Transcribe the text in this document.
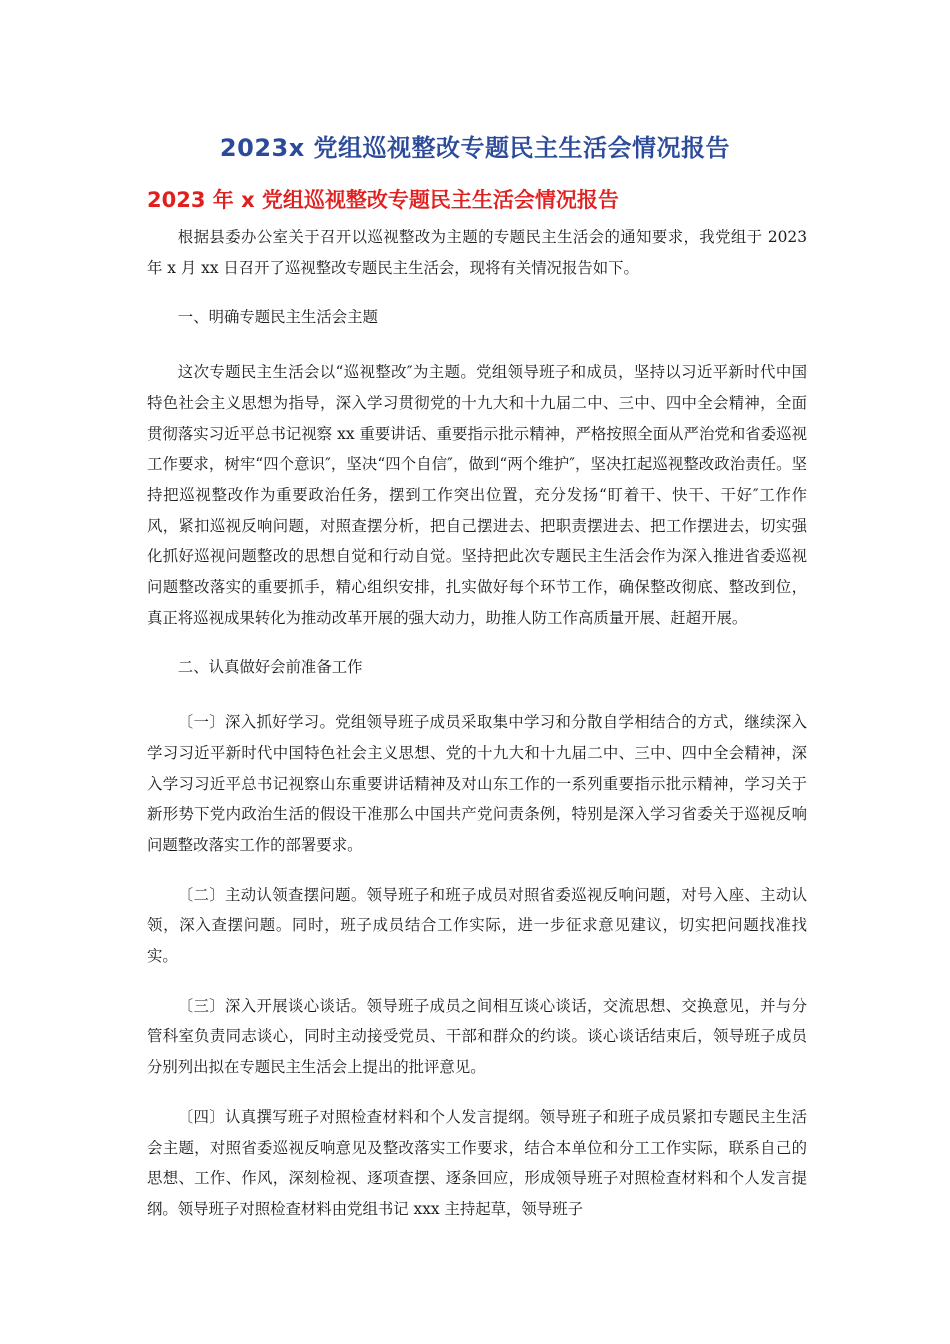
2023x 党组巡视整改专题民主生活会情况报告
2023 年 x 党组巡视整改专题民主生活会情况报告

根据县委办公室关于召开以巡视整改为主题的专题民主生活会的通知要求，我党组于 2023 年 x 月 xx 日召开了巡视整改专题民主生活会，现将有关情况报告如下。

一、明确专题民主生活会主题

这次专题民主生活会以“巡视整改″为主题。党组领导班子和成员，坚持以习近平新时代中国特色社会主义思想为指导，深入学习贯彻党的十九大和十九届二中、三中、四中全会精神，全面贯彻落实习近平总书记视察 xx 重要讲话、重要指示批示精神，严格按照全面从严治党和省委巡视工作要求，树牢“四个意识″，坚决“四个自信″，做到“两个维护″，坚决扛起巡视整改政治责任。坚持把巡视整改作为重要政治任务，摆到工作突出位置，充分发扬“盯着干、快干、干好″工作作风，紧扣巡视反响问题，对照查摆分析，把自己摆进去、把职责摆进去、把工作摆进去，切实强化抓好巡视问题整改的思想自觉和行动自觉。坚持把此次专题民主生活会作为深入推进省委巡视问题整改落实的重要抓手，精心组织安排，扎实做好每个环节工作，确保整改彻底、整改到位，真正将巡视成果转化为推动改革开展的强大动力，助推人防工作高质量开展、赶超开展。

二、认真做好会前准备工作

〔一〕深入抓好学习。党组领导班子成员采取集中学习和分散自学相结合的方式，继续深入学习习近平新时代中国特色社会主义思想、党的十九大和十九届二中、三中、四中全会精神，深入学习习近平总书记视察山东重要讲话精神及对山东工作的一系列重要指示批示精神，学习关于新形势下党内政治生活的假设干准那么中国共产党问责条例，特别是深入学习省委关于巡视反响问题整改落实工作的部署要求。

〔二〕主动认领查摆问题。领导班子和班子成员对照省委巡视反响问题，对号入座、主动认领，深入查摆问题。同时，班子成员结合工作实际，进一步征求意见建议，切实把问题找准找实。

〔三〕深入开展谈心谈话。领导班子成员之间相互谈心谈话，交流思想、交换意见，并与分管科室负责同志谈心，同时主动接受党员、干部和群众的约谈。谈心谈话结束后，领导班子成员分别列出拟在专题民主生活会上提出的批评意见。

〔四〕认真撰写班子对照检查材料和个人发言提纲。领导班子和班子成员紧扣专题民主生活会主题，对照省委巡视反响意见及整改落实工作要求，结合本单位和分工工作实际，联系自己的思想、工作、作风，深刻检视、逐项查摆、逐条回应，形成领导班子对照检查材料和个人发言提纲。领导班子对照检查材料由党组书记 xxx 主持起草，领导班子
